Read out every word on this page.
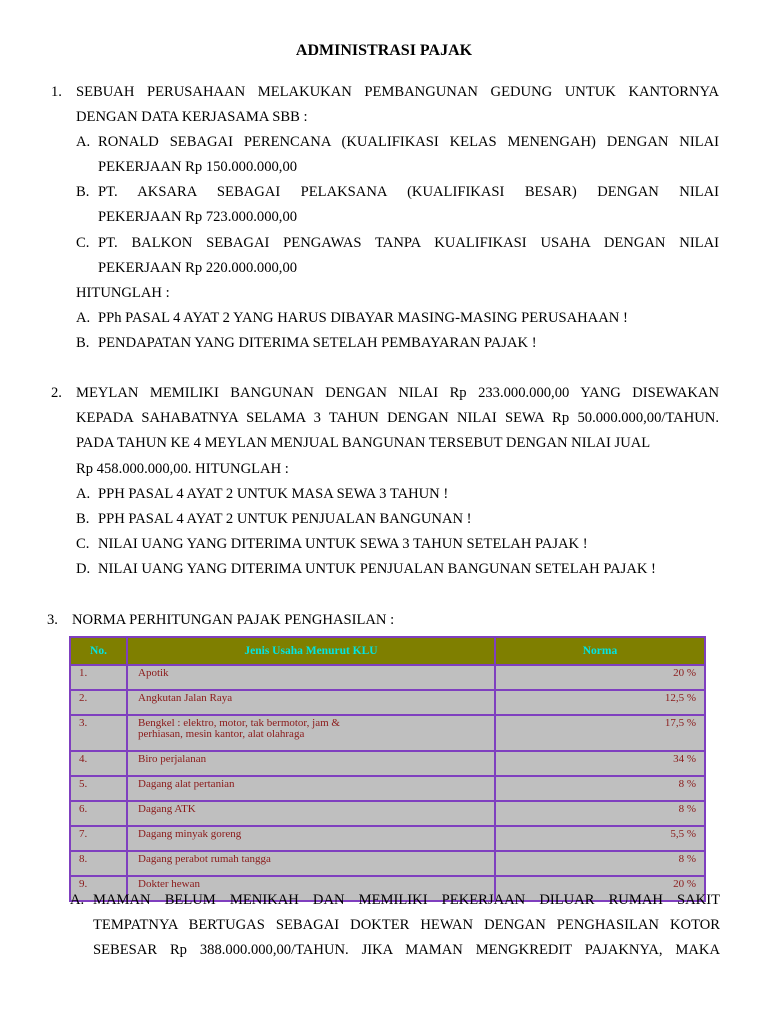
ADMINISTRASI PAJAK
1. SEBUAH PERUSAHAAN MELAKUKAN PEMBANGUNAN GEDUNG UNTUK KANTORNYA
DENGAN DATA KERJASAMA SBB :
A. RONALD SEBAGAI PERENCANA (KUALIFIKASI KELAS MENENGAH) DENGAN NILAI
PEKERJAAN Rp 150.000.000,00
B. PT. AKSARA SEBAGAI PELAKSANA (KUALIFIKASI BESAR) DENGAN NILAI
PEKERJAAN Rp 723.000.000,00
C. PT. BALKON SEBAGAI PENGAWAS TANPA KUALIFIKASI USAHA DENGAN NILAI
PEKERJAAN Rp 220.000.000,00
HITUNGLAH :
A. PPh PASAL 4 AYAT 2 YANG HARUS DIBAYAR MASING-MASING PERUSAHAAN !
B. PENDAPATAN YANG DITERIMA SETELAH PEMBAYARAN PAJAK !
2. MEYLAN MEMILIKI BANGUNAN DENGAN NILAI Rp 233.000.000,00 YANG DISEWAKAN
KEPADA SAHABATNYA SELAMA 3 TAHUN DENGAN NILAI SEWA Rp 50.000.000,00/TAHUN.
PADA TAHUN KE 4 MEYLAN MENJUAL BANGUNAN TERSEBUT DENGAN NILAI JUAL
Rp 458.000.000,00. HITUNGLAH :
A. PPH PASAL 4 AYAT 2 UNTUK MASA SEWA 3 TAHUN !
B. PPH PASAL 4 AYAT 2 UNTUK PENJUALAN BANGUNAN !
C. NILAI UANG YANG DITERIMA UNTUK SEWA 3 TAHUN SETELAH PAJAK !
D. NILAI UANG YANG DITERIMA UNTUK PENJUALAN BANGUNAN SETELAH PAJAK !
3. NORMA PERHITUNGAN PAJAK PENGHASILAN :
No.	Jenis Usaha Menurut KLU	Norma
1.	Apotik	20 %
2.	Angkutan Jalan Raya	12,5 %
3.	Bengkel : elektro, motor, tak bermotor, jam &
perhiasan, mesin kantor, alat olahraga	17,5 %
4.	Biro perjalanan	34 %
5.	Dagang alat pertanian	8 %
6.	Dagang ATK	8 %
7.	Dagang minyak goreng	5,5 %
8.	Dagang perabot rumah tangga	8 %
9.	Dokter hewan	20 %
A. MAMAN BELUM MENIKAH DAN MEMILIKI PEKERJAAN DILUAR RUMAH SAKIT
TEMPATNYA BERTUGAS SEBAGAI DOKTER HEWAN DENGAN PENGHASILAN KOTOR
SEBESAR Rp 388.000.000,00/TAHUN. JIKA MAMAN MENGKREDIT PAJAKNYA, MAKA
